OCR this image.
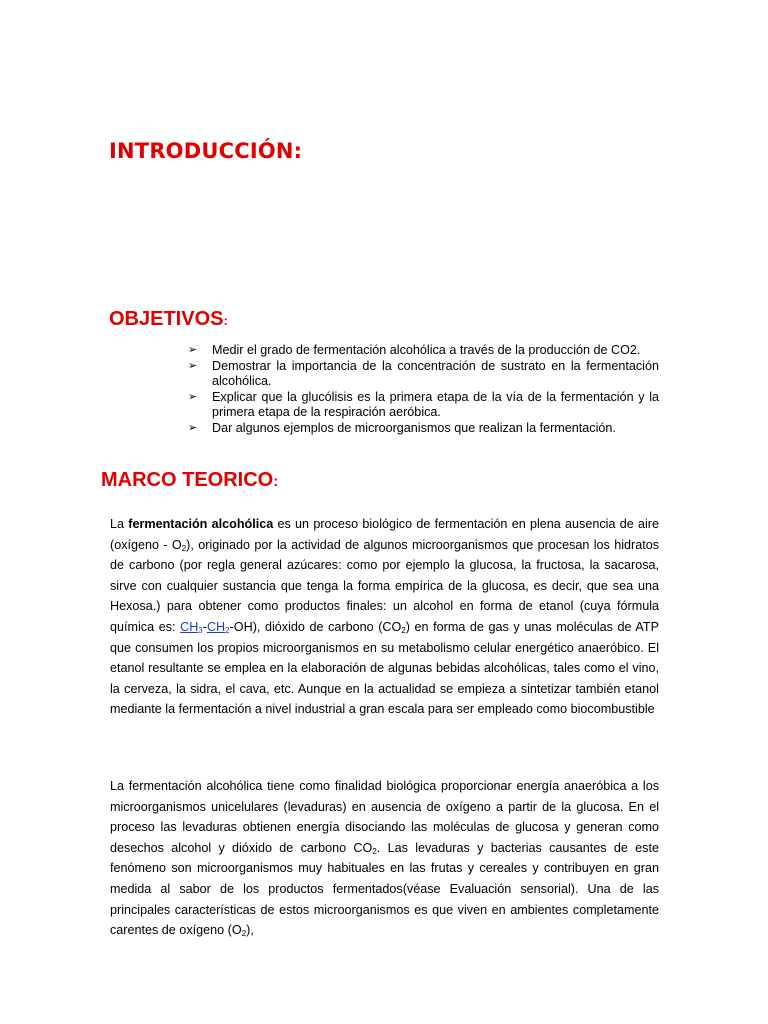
INTRODUCCIÓN:
OBJETIVOS:
➢ Medir el grado de fermentación alcohólica a través de la producción de CO2.
➢ Demostrar la importancia de la concentración de sustrato en la fermentación alcohólica.
➢ Explicar que la glucólisis es la primera etapa de la vía de la fermentación y la primera etapa de la respiración aeróbica.
➢ Dar algunos ejemplos de microorganismos que realizan la fermentación.
MARCO TEORICO:

La fermentación alcohólica es un proceso biológico de fermentación en plena ausencia de aire (oxígeno - $O_2$), originado por la actividad de algunos microorganismos que procesan los hidratos de carbono (por regla general azúcares: como por ejemplo la glucosa, la fructosa, la sacarosa, sirve con cualquier sustancia que tenga la forma empírica de la glucosa, es decir, que sea una Hexosa.) para obtener como productos finales: un alcohol en forma de etanol (cuya fórmula química es: $CH_3-CH_2-OH$), dióxido de carbono $(CO_2)$ en forma de gas y unas moléculas de ATP que consumen los propios microorganismos en su metabolismo celular energético anaeróbico. El etanol resultante se emplea en la elaboración de algunas bebidas alcohólicas, tales como el vino, la cerveza, la sidra, el cava, etc. Aunque en la actualidad se empieza a sintetizar también etanol mediante la fermentación a nivel industrial a gran escala para ser empleado como biocombustible

La fermentación alcohólica tiene como finalidad biológica proporcionar energía anaeróbica a los microorganismos unicelulares (levaduras) en ausencia de oxígeno a partir de la glucosa. En el proceso las levaduras obtienen energía disociando las moléculas de glucosa y generan como desechos alcohol y dióxido de carbono $CO_2$. Las levaduras y bacterias causantes de este fenómeno son microorganismos muy habituales en las frutas y cereales y contribuyen en gran medida al sabor de los productos fermentados(véase Evaluación sensorial). Una de las principales características de estos microorganismos es que viven en ambientes completamente carentes de oxígeno $(O_2)$,
